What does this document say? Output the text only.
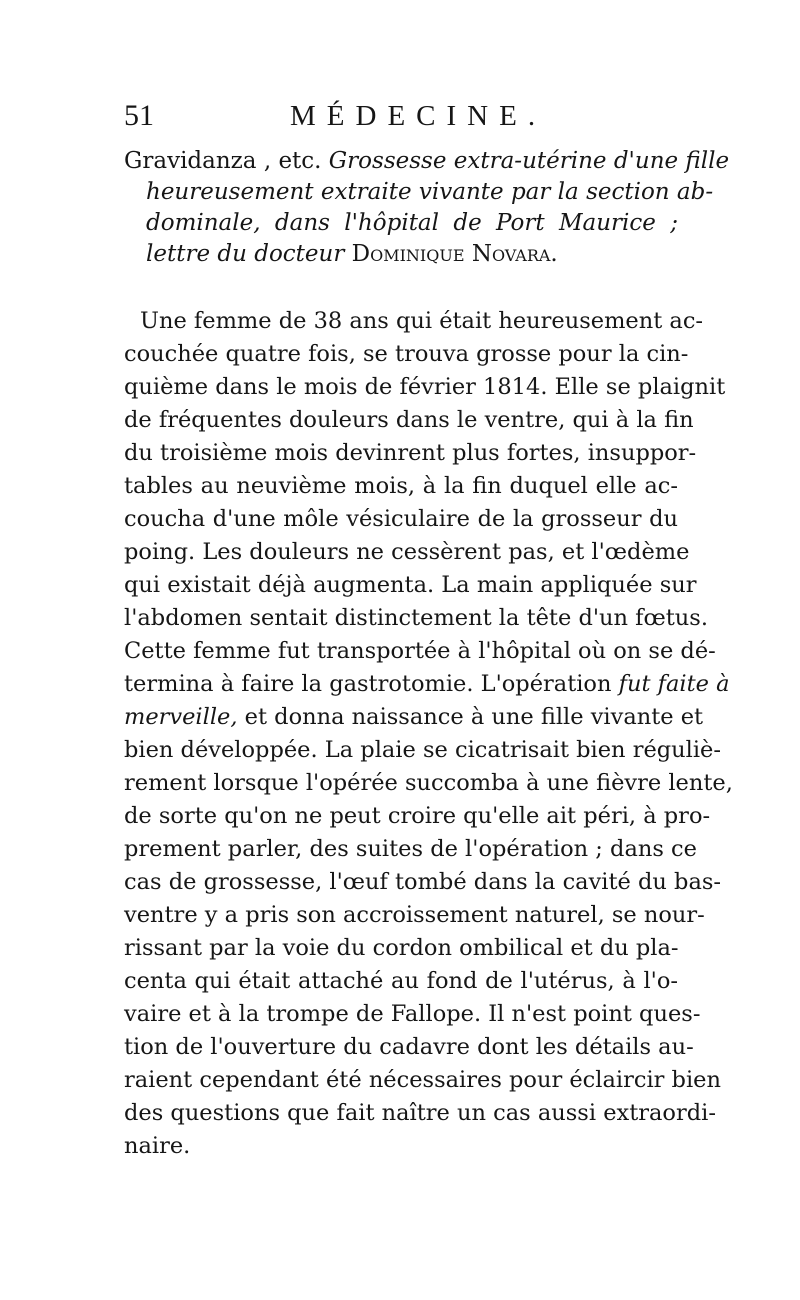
51	MÉDECINE.
Gravidanza , etc. Grossesse extra-utérine d'une fille
heureusement extraite vivante par la section ab-
dominale, dans l'hôpital de Port Maurice ;
lettre du docteur Dominique Novara.
Une femme de 38 ans qui était heureusement ac-
couchée quatre fois, se trouva grosse pour la cin-
quième dans le mois de février 1814. Elle se plaignit
de fréquentes douleurs dans le ventre, qui à la fin
du troisième mois devinrent plus fortes, insuppor-
tables au neuvième mois, à la fin duquel elle ac-
coucha d'une môle vésiculaire de la grosseur du
poing. Les douleurs ne cessèrent pas, et l'œdème
qui existait déjà augmenta. La main appliquée sur
l'abdomen sentait distinctement la tête d'un fœtus.
Cette femme fut transportée à l'hôpital où on se dé-
termina à faire la gastrotomie. L'opération fut faite à
merveille, et donna naissance à une fille vivante et
bien développée. La plaie se cicatrisait bien réguliè-
rement lorsque l'opérée succomba à une fièvre lente,
de sorte qu'on ne peut croire qu'elle ait péri, à pro-
prement parler, des suites de l'opération ; dans ce
cas de grossesse, l'œuf tombé dans la cavité du bas-
ventre y a pris son accroissement naturel, se nour-
rissant par la voie du cordon ombilical et du pla-
centa qui était attaché au fond de l'utérus, à l'o-
vaire et à la trompe de Fallope. Il n'est point ques-
tion de l'ouverture du cadavre dont les détails au-
raient cependant été nécessaires pour éclaircir bien
des questions que fait naître un cas aussi extraordi-
naire.
